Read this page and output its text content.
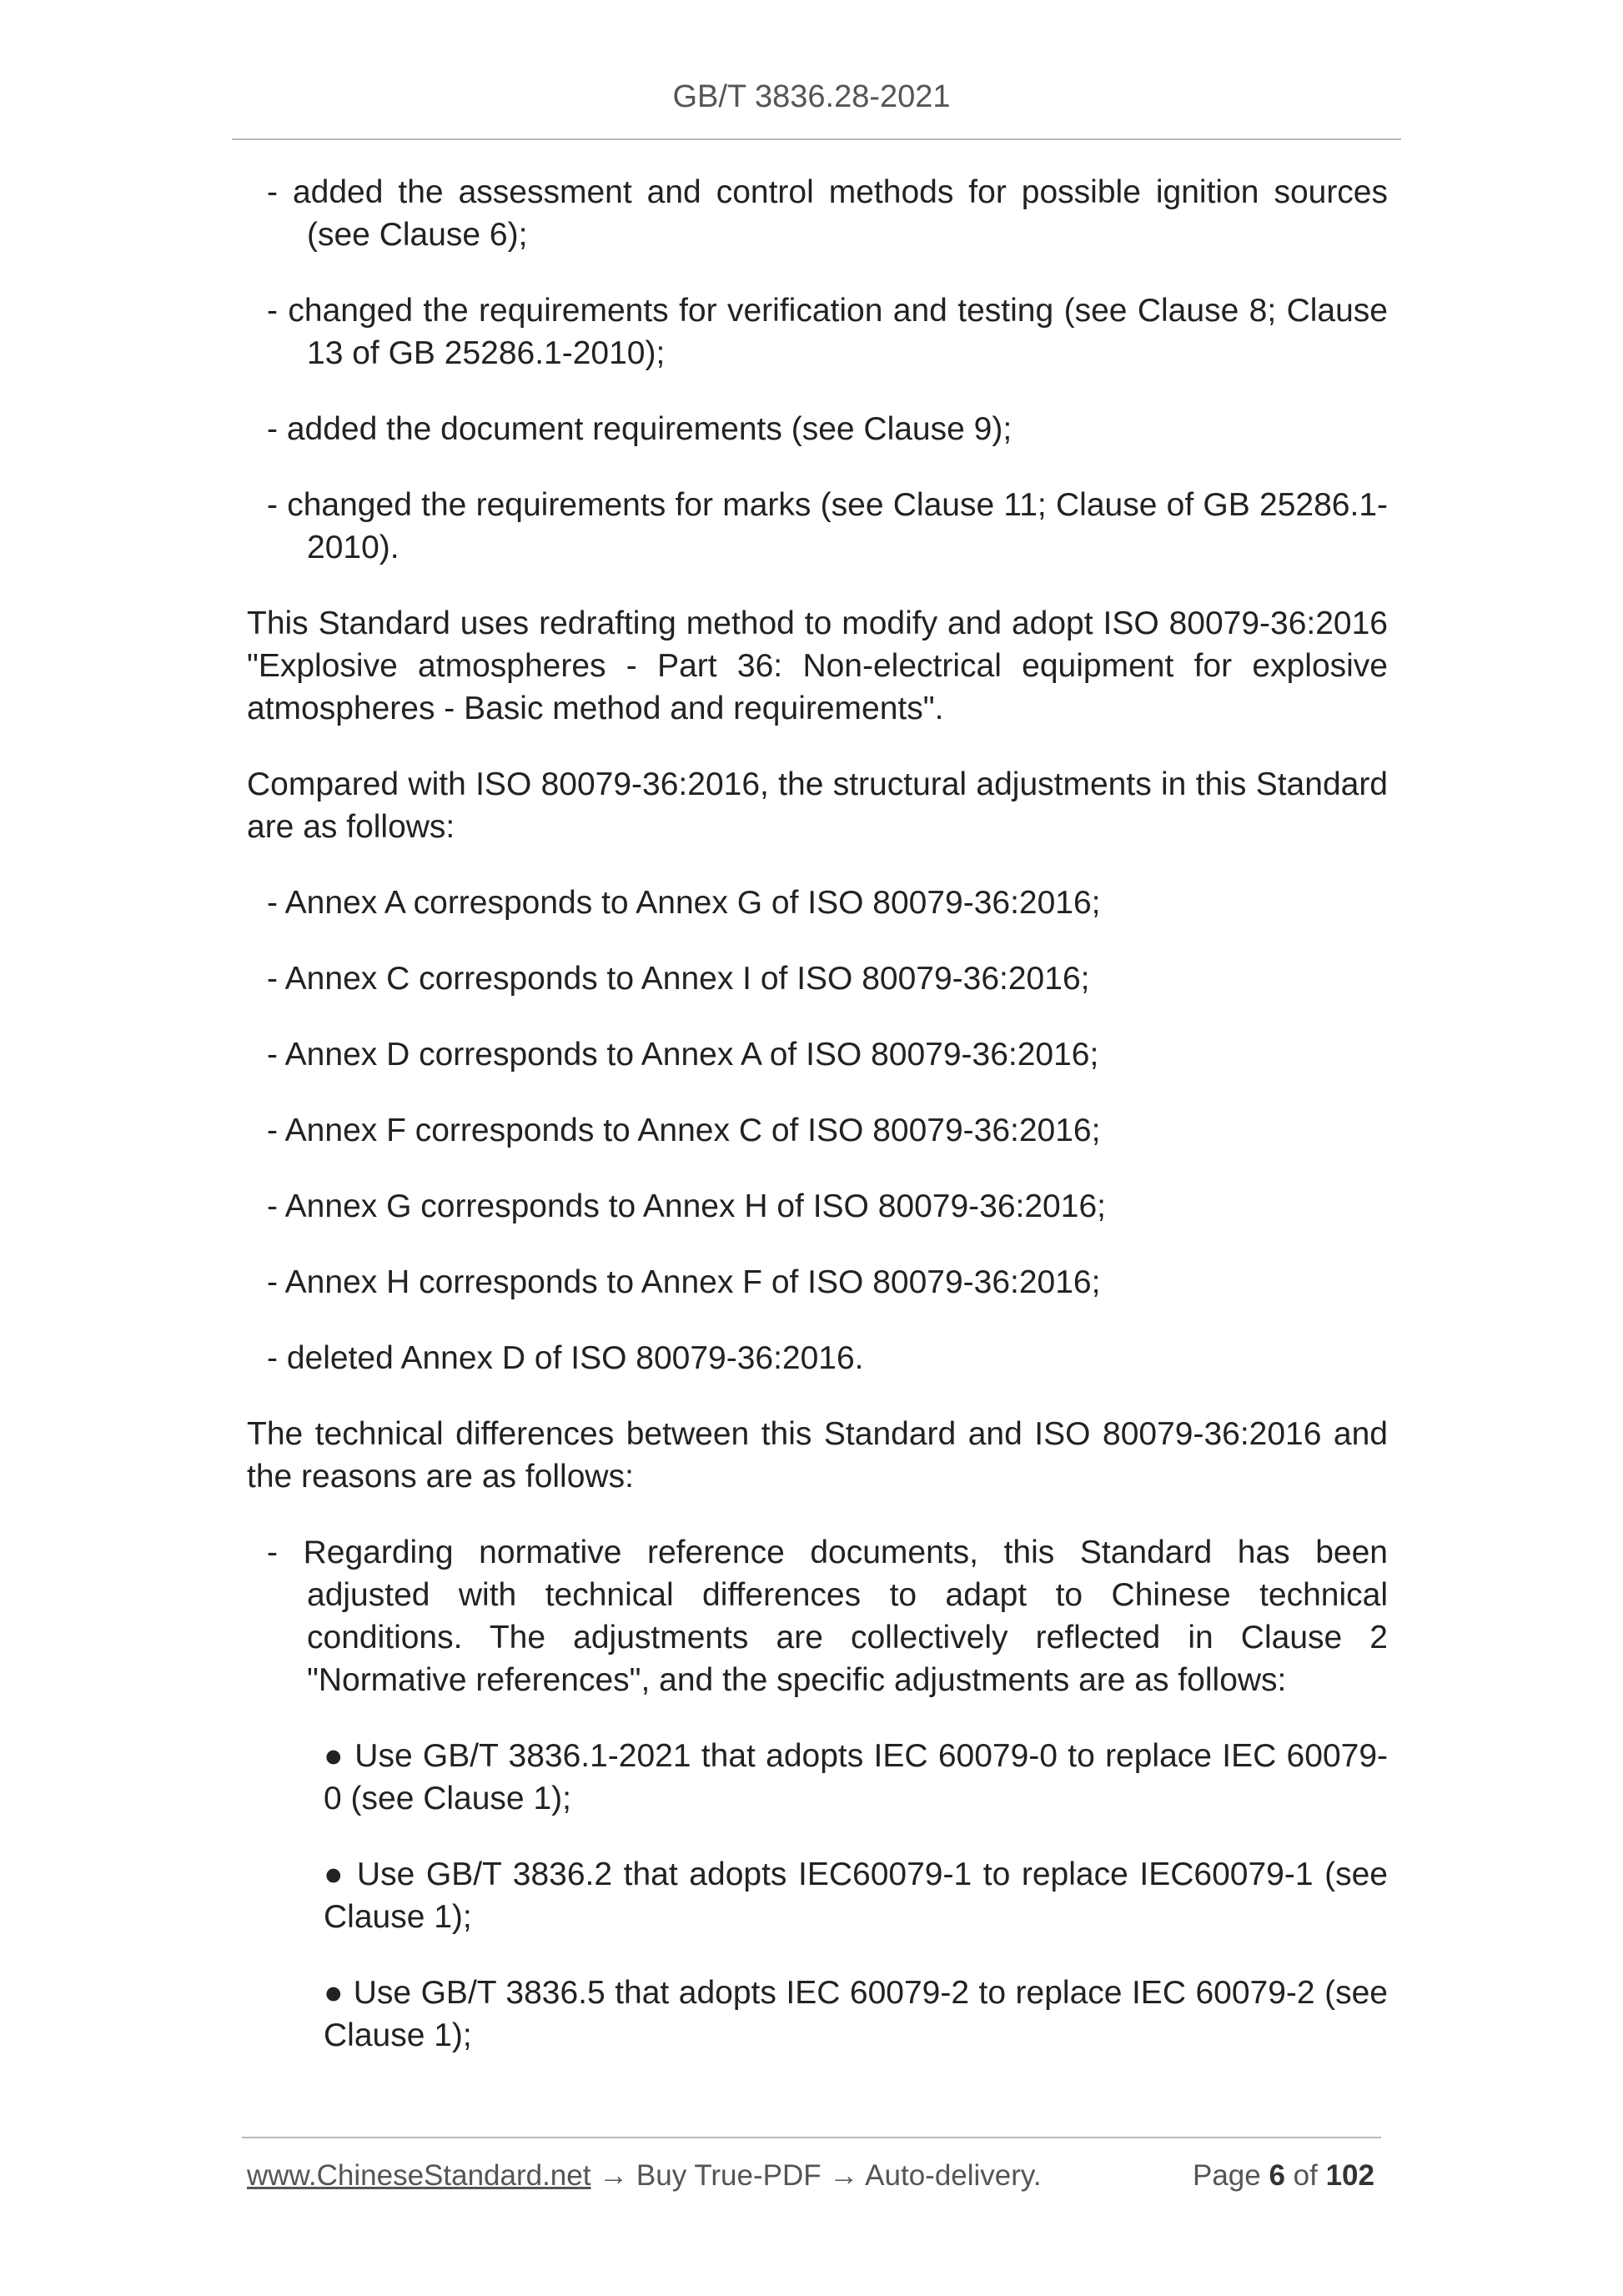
GB/T 3836.28-2021

- added the assessment and control methods for possible ignition sources (see Clause 6);

- changed the requirements for verification and testing (see Clause 8; Clause 13 of GB 25286.1-2010);

- added the document requirements (see Clause 9);

- changed the requirements for marks (see Clause 11; Clause of GB 25286.1-2010).

This Standard uses redrafting method to modify and adopt ISO 80079-36:2016 "Explosive atmospheres - Part 36: Non-electrical equipment for explosive atmospheres - Basic method and requirements".

Compared with ISO 80079-36:2016, the structural adjustments in this Standard are as follows:

- Annex A corresponds to Annex G of ISO 80079-36:2016;

- Annex C corresponds to Annex I of ISO 80079-36:2016;

- Annex D corresponds to Annex A of ISO 80079-36:2016;

- Annex F corresponds to Annex C of ISO 80079-36:2016;

- Annex G corresponds to Annex H of ISO 80079-36:2016;

- Annex H corresponds to Annex F of ISO 80079-36:2016;

- deleted Annex D of ISO 80079-36:2016.

The technical differences between this Standard and ISO 80079-36:2016 and the reasons are as follows:

- Regarding normative reference documents, this Standard has been adjusted with technical differences to adapt to Chinese technical conditions. The adjustments are collectively reflected in Clause 2 "Normative references", and the specific adjustments are as follows:

● Use GB/T 3836.1-2021 that adopts IEC 60079-0 to replace IEC 60079-0 (see Clause 1);

● Use GB/T 3836.2 that adopts IEC60079-1 to replace IEC60079-1 (see Clause 1);

● Use GB/T 3836.5 that adopts IEC 60079-2 to replace IEC 60079-2 (see Clause 1);

www.ChineseStandard.net → Buy True-PDF → Auto-delivery.	Page 6 of 102
